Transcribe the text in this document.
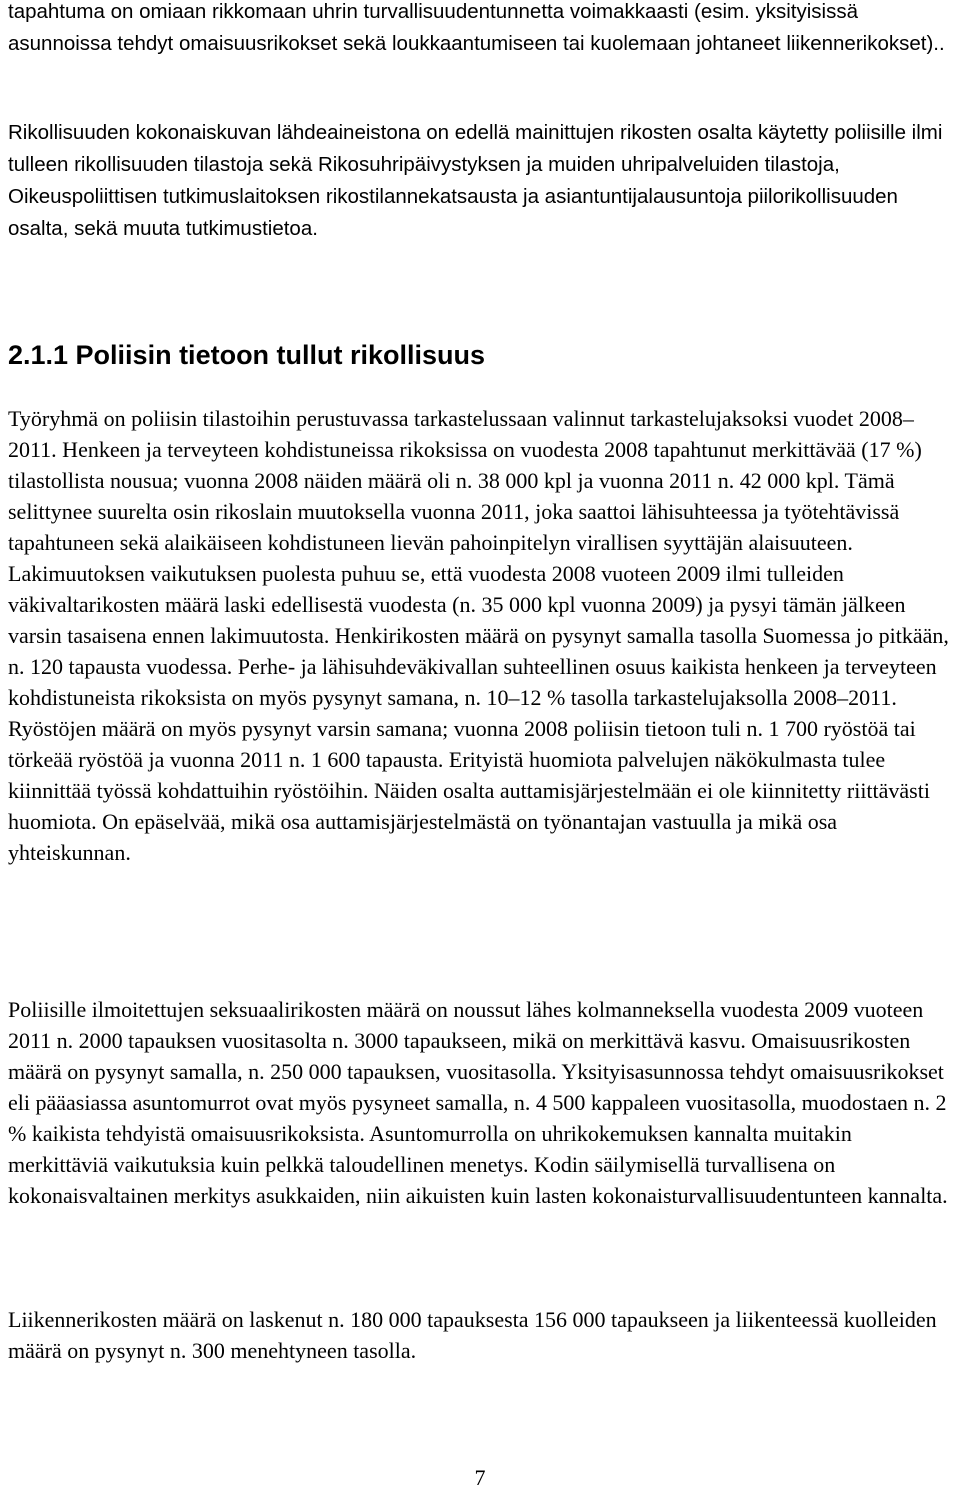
tapahtuma on omiaan rikkomaan uhrin turvallisuudentunnetta voimakkaasti (esim. yksityisissä asunnoissa tehdyt omaisuusrikokset sekä loukkaantumiseen tai kuolemaan johtaneet liikennerikokset)..

Rikollisuuden kokonaiskuvan lähdeaineistona on edellä mainittujen rikosten osalta käytetty poliisille ilmi tulleen rikollisuuden tilastoja sekä Rikosuhripäivystyksen ja muiden uhripalveluiden tilastoja, Oikeuspoliittisen tutkimuslaitoksen rikostilannekatsausta ja asiantuntijalausuntoja piilorikollisuuden osalta, sekä muuta tutkimustietoa.

2.1.1 Poliisin tietoon tullut rikollisuus

Työryhmä on poliisin tilastoihin perustuvassa tarkastelussaan valinnut tarkastelujaksoksi vuodet 2008–2011. Henkeen ja terveyteen kohdistuneissa rikoksissa on vuodesta 2008 tapahtunut merkittävää (17 %) tilastollista nousua; vuonna 2008 näiden määrä oli n. 38 000 kpl ja vuonna 2011 n. 42 000 kpl. Tämä selittynee suurelta osin rikoslain muutoksella vuonna 2011, joka saattoi lähisuhteessa ja työtehtävissä tapahtuneen sekä alaikäiseen kohdistuneen lievän pahoinpitelyn virallisen syyttäjän alaisuuteen. Lakimuutoksen vaikutuksen puolesta puhuu se, että vuodesta 2008 vuoteen 2009 ilmi tulleiden väkivaltarikosten määrä laski edellisestä vuodesta (n. 35 000 kpl vuonna 2009) ja pysyi tämän jälkeen varsin tasaisena ennen lakimuutosta. Henkirikosten määrä on pysynyt samalla tasolla Suomessa jo pitkään, n. 120 tapausta vuodessa. Perhe- ja lähisuhdeväkivallan suhteellinen osuus kaikista henkeen ja terveyteen kohdistuneista rikoksista on myös pysynyt samana, n. 10–12 % tasolla tarkastelujaksolla 2008–2011. Ryöstöjen määrä on myös pysynyt varsin samana; vuonna 2008 poliisin tietoon tuli n. 1 700 ryöstöä tai törkeää ryöstöä ja vuonna 2011 n. 1 600 tapausta. Erityistä huomiota palvelujen näkökulmasta tulee kiinnittää työssä kohdattuihin ryöstöihin. Näiden osalta auttamisjärjestelmään ei ole kiinnitetty riittävästi huomiota. On epäselvää, mikä osa auttamisjärjestelmästä on työnantajan vastuulla ja mikä osa yhteiskunnan.

Poliisille ilmoitettujen seksuaalirikosten määrä on noussut lähes kolmanneksella vuodesta 2009 vuoteen 2011 n. 2000 tapauksen vuositasolta n. 3000 tapaukseen, mikä on merkittävä kasvu. Omaisuusrikosten määrä on pysynyt samalla, n. 250 000 tapauksen, vuositasolla. Yksityisasunnossa tehdyt omaisuusrikokset eli pääasiassa asuntomurrot ovat myös pysyneet samalla, n. 4 500 kappaleen vuositasolla, muodostaen n. 2 % kaikista tehdyistä omaisuusrikoksista. Asuntomurrolla on uhrikokemuksen kannalta muitakin merkittäviä vaikutuksia kuin pelkkä taloudellinen menetys. Kodin säilymisellä turvallisena on kokonaisvaltainen merkitys asukkaiden, niin aikuisten kuin lasten kokonaisturvallisuudentunteen kannalta.

Liikennerikosten määrä on laskenut n. 180 000 tapauksesta 156 000 tapaukseen ja liikenteessä kuolleiden määrä on pysynyt n. 300 menehtyneen tasolla.

7
